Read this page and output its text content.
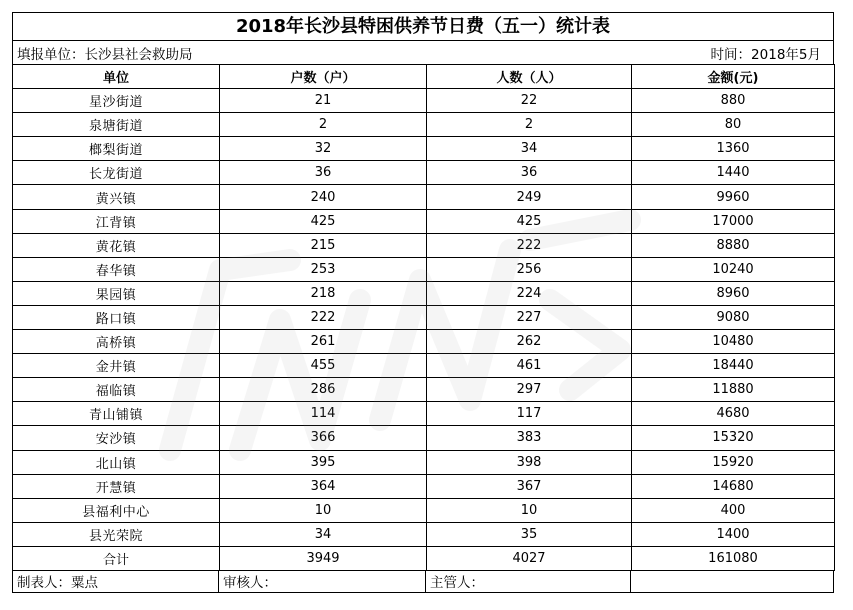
2018年长沙县特困供养节日费（五一）统计表
填报单位：长沙县社会救助局	时间：2018年5月
单位	户数（户）	人数（人）	金额(元)
星沙街道	21	22	880
泉塘街道	2	2	80
榔梨街道	32	34	1360
长龙街道	36	36	1440
黄兴镇	240	249	9960
江背镇	425	425	17000
黄花镇	215	222	8880
春华镇	253	256	10240
果园镇	218	224	8960
路口镇	222	227	9080
高桥镇	261	262	10480
金井镇	455	461	18440
福临镇	286	297	11880
青山铺镇	114	117	4680
安沙镇	366	383	15320
北山镇	395	398	15920
开慧镇	364	367	14680
县福利中心	10	10	400
县光荣院	34	35	1400
合计	3949	4027	161080
制表人：粟点	审核人：	主管人：
